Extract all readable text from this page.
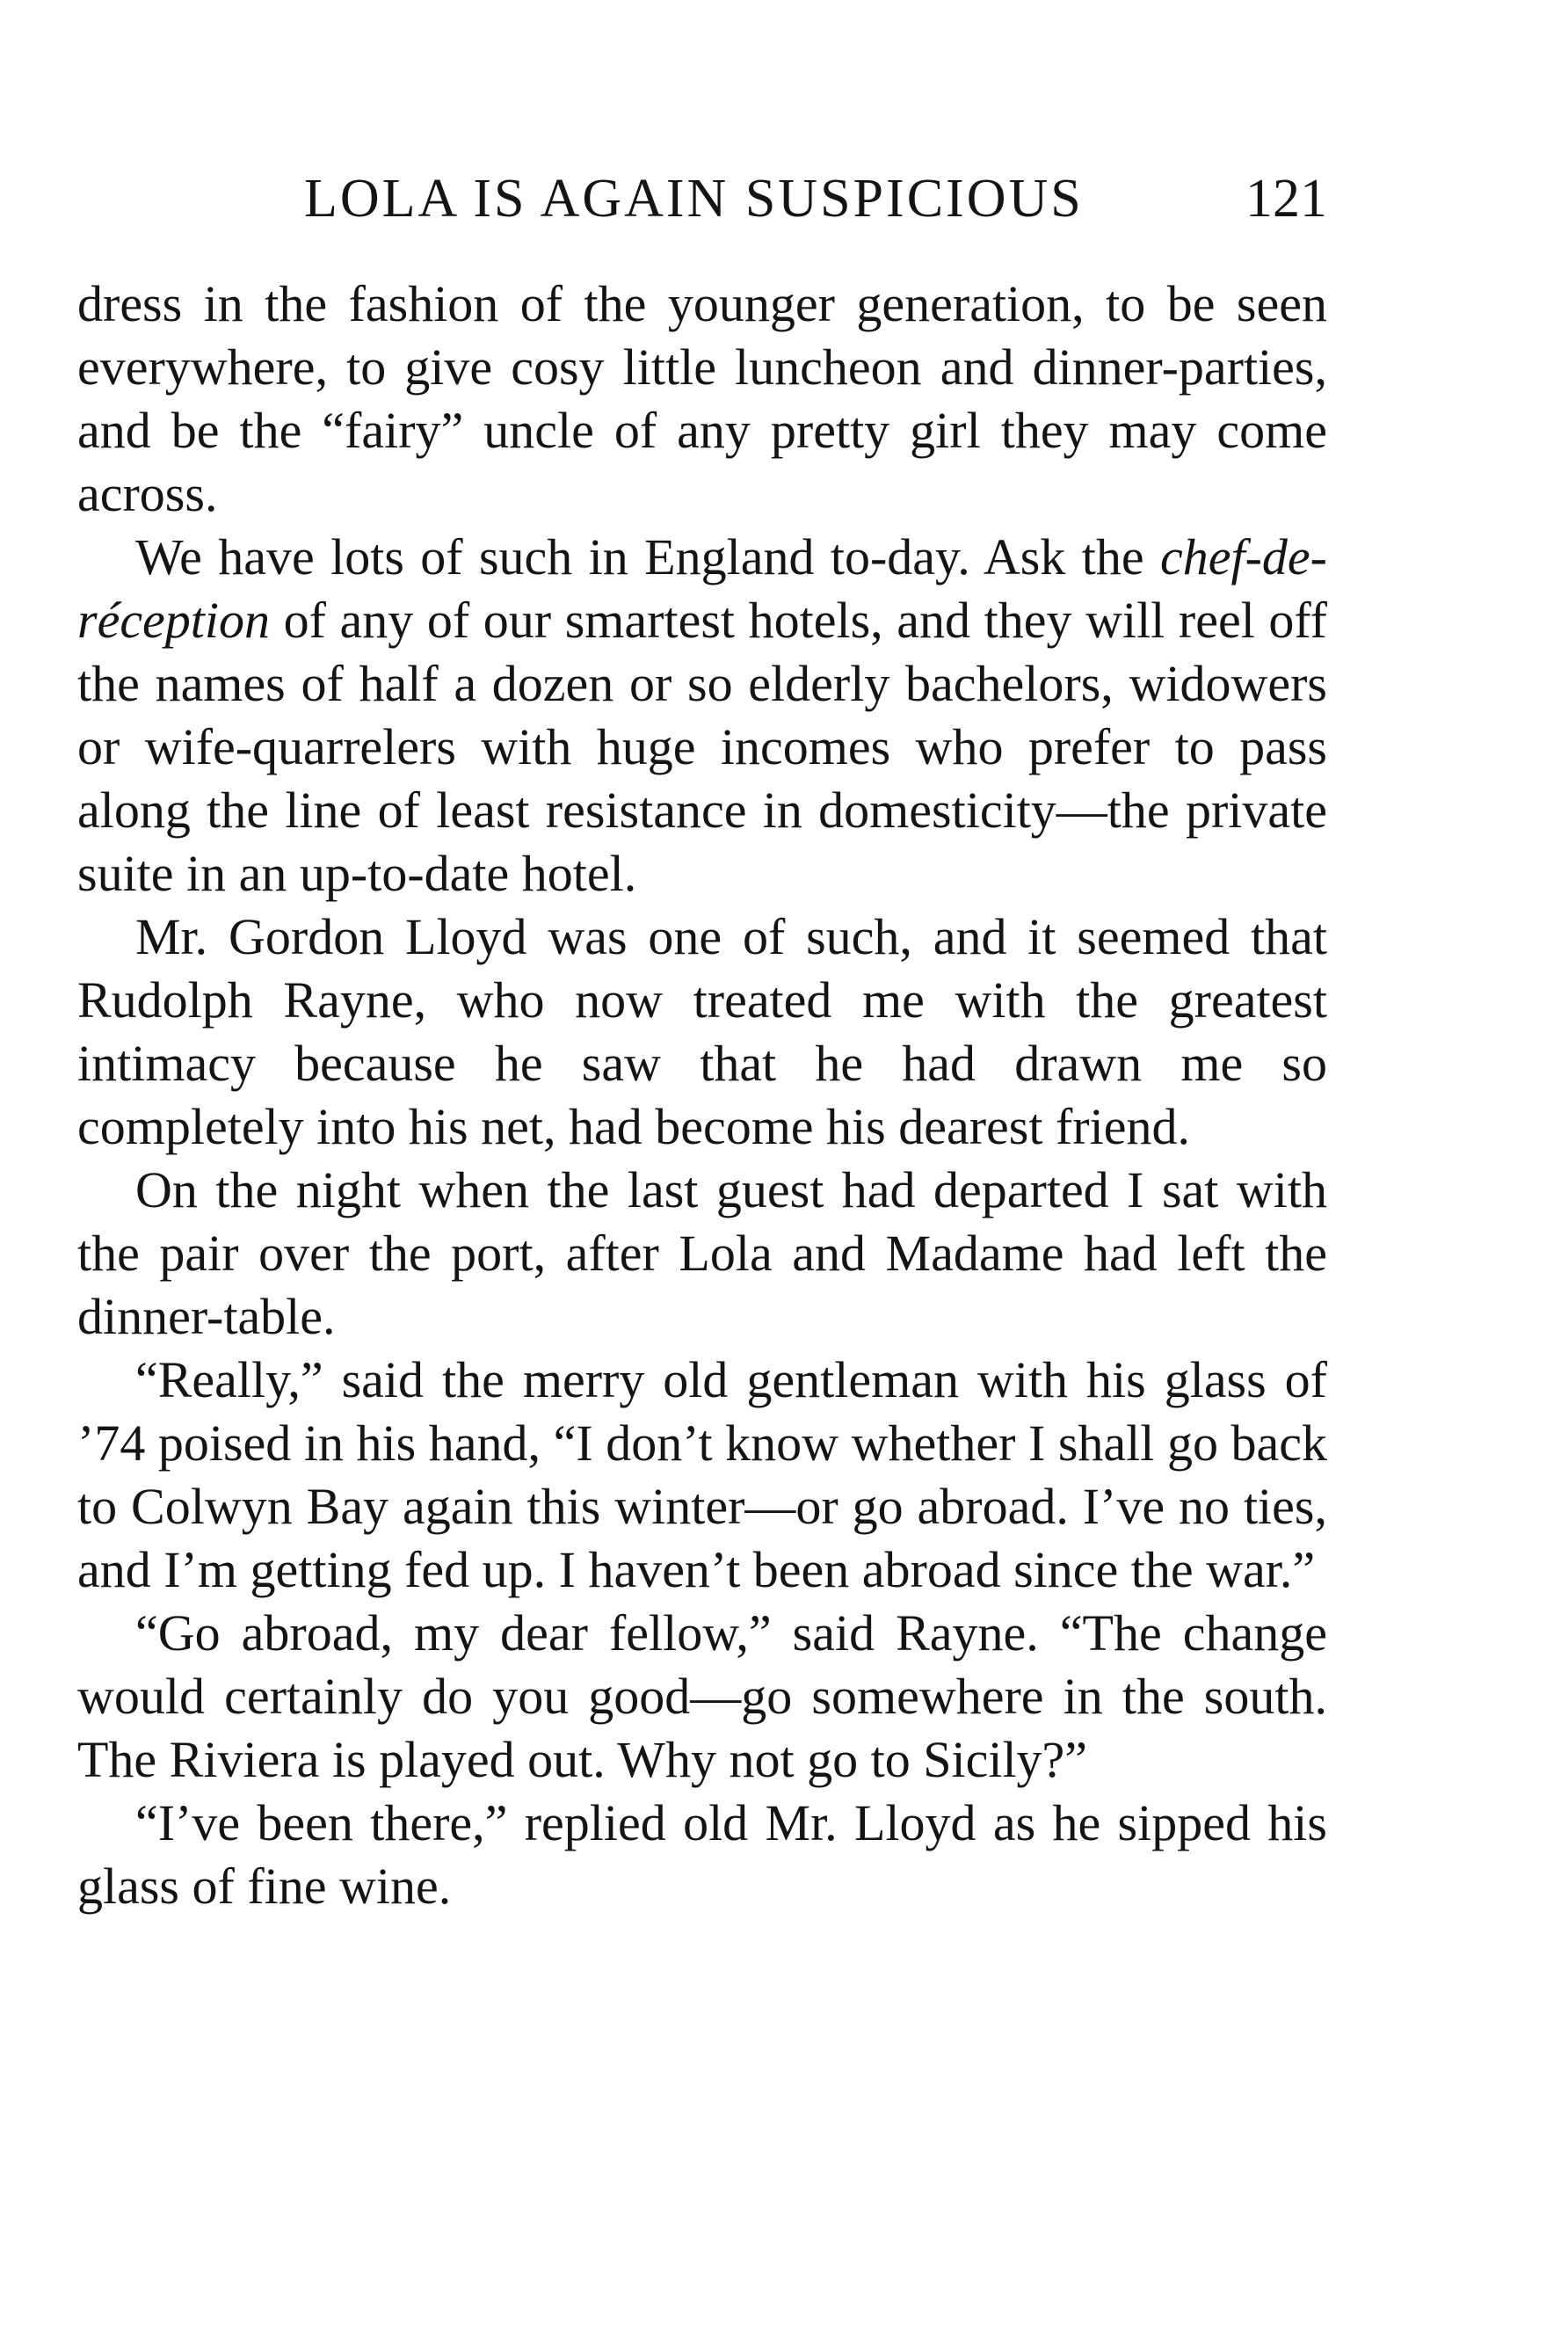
LOLA IS AGAIN SUSPICIOUS	121

dress in the fashion of the younger generation, to be seen everywhere, to give cosy little luncheon and dinner-parties, and be the “fairy” uncle of any pretty girl they may come across.

We have lots of such in England to-day. Ask the chef-de-réception of any of our smartest hotels, and they will reel off the names of half a dozen or so elderly bachelors, widowers or wife-quarrelers with huge incomes who prefer to pass along the line of least resistance in domesticity—the private suite in an up-to-date hotel.

Mr. Gordon Lloyd was one of such, and it seemed that Rudolph Rayne, who now treated me with the greatest intimacy because he saw that he had drawn me so completely into his net, had become his dearest friend.

On the night when the last guest had departed I sat with the pair over the port, after Lola and Madame had left the dinner-table.

“Really,” said the merry old gentleman with his glass of ’74 poised in his hand, “I don’t know whether I shall go back to Colwyn Bay again this winter—or go abroad. I’ve no ties, and I’m getting fed up. I haven’t been abroad since the war.”

“Go abroad, my dear fellow,” said Rayne. “The change would certainly do you good—go somewhere in the south. The Riviera is played out. Why not go to Sicily?”

“I’ve been there,” replied old Mr. Lloyd as he sipped his glass of fine wine.
